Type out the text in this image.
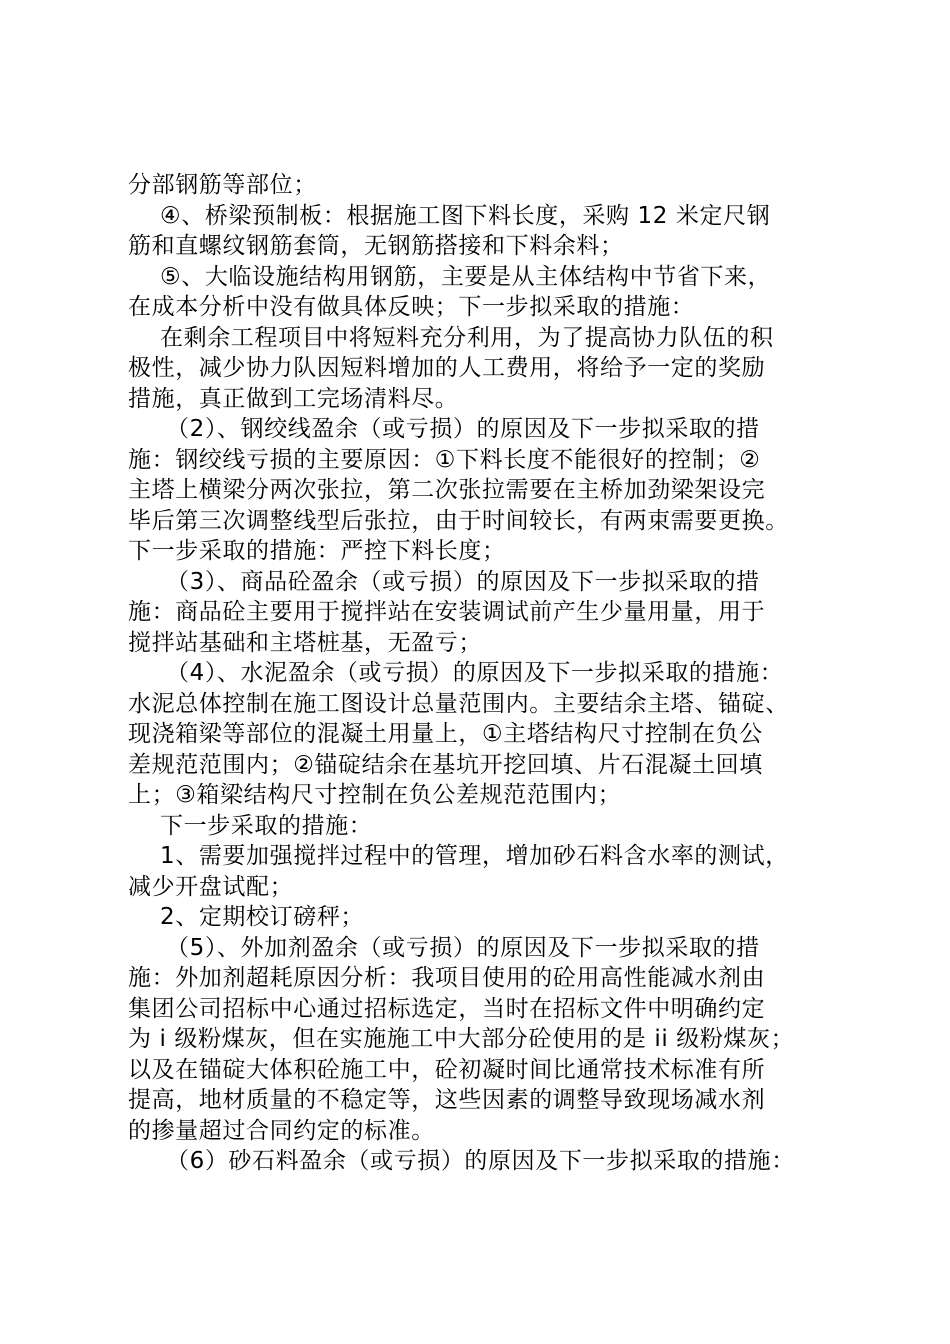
分部钢筋等部位；
④、桥梁预制板：根据施工图下料长度，采购 12 米定尺钢
筋和直螺纹钢筋套筒，无钢筋搭接和下料余料；
⑤、大临设施结构用钢筋，主要是从主体结构中节省下来，
在成本分析中没有做具体反映；下一步拟采取的措施：
在剩余工程项目中将短料充分利用，为了提高协力队伍的积
极性，减少协力队因短料增加的人工费用，将给予一定的奖励
措施，真正做到工完场清料尽。
（2）、钢绞线盈余（或亏损）的原因及下一步拟采取的措
施：钢绞线亏损的主要原因：①下料长度不能很好的控制；②
主塔上横梁分两次张拉，第二次张拉需要在主桥加劲梁架设完
毕后第三次调整线型后张拉，由于时间较长，有两束需要更换。
下一步采取的措施：严控下料长度；
（3）、商品砼盈余（或亏损）的原因及下一步拟采取的措
施：商品砼主要用于搅拌站在安装调试前产生少量用量，用于
搅拌站基础和主塔桩基，无盈亏；
（4）、水泥盈余（或亏损）的原因及下一步拟采取的措施：
水泥总体控制在施工图设计总量范围内。主要结余主塔、锚碇、
现浇箱梁等部位的混凝土用量上，①主塔结构尺寸控制在负公
差规范范围内；②锚碇结余在基坑开挖回填、片石混凝土回填
上；③箱梁结构尺寸控制在负公差规范范围内；
下一步采取的措施：
1、需要加强搅拌过程中的管理，增加砂石料含水率的测试，
减少开盘试配；
2、定期校订磅秤；
（5）、外加剂盈余（或亏损）的原因及下一步拟采取的措
施：外加剂超耗原因分析：我项目使用的砼用高性能减水剂由
集团公司招标中心通过招标选定，当时在招标文件中明确约定
为 i 级粉煤灰，但在实施施工中大部分砼使用的是 ii 级粉煤灰；
以及在锚碇大体积砼施工中，砼初凝时间比通常技术标准有所
提高，地材质量的不稳定等，这些因素的调整导致现场减水剂
的掺量超过合同约定的标准。
（6）砂石料盈余（或亏损）的原因及下一步拟采取的措施：
